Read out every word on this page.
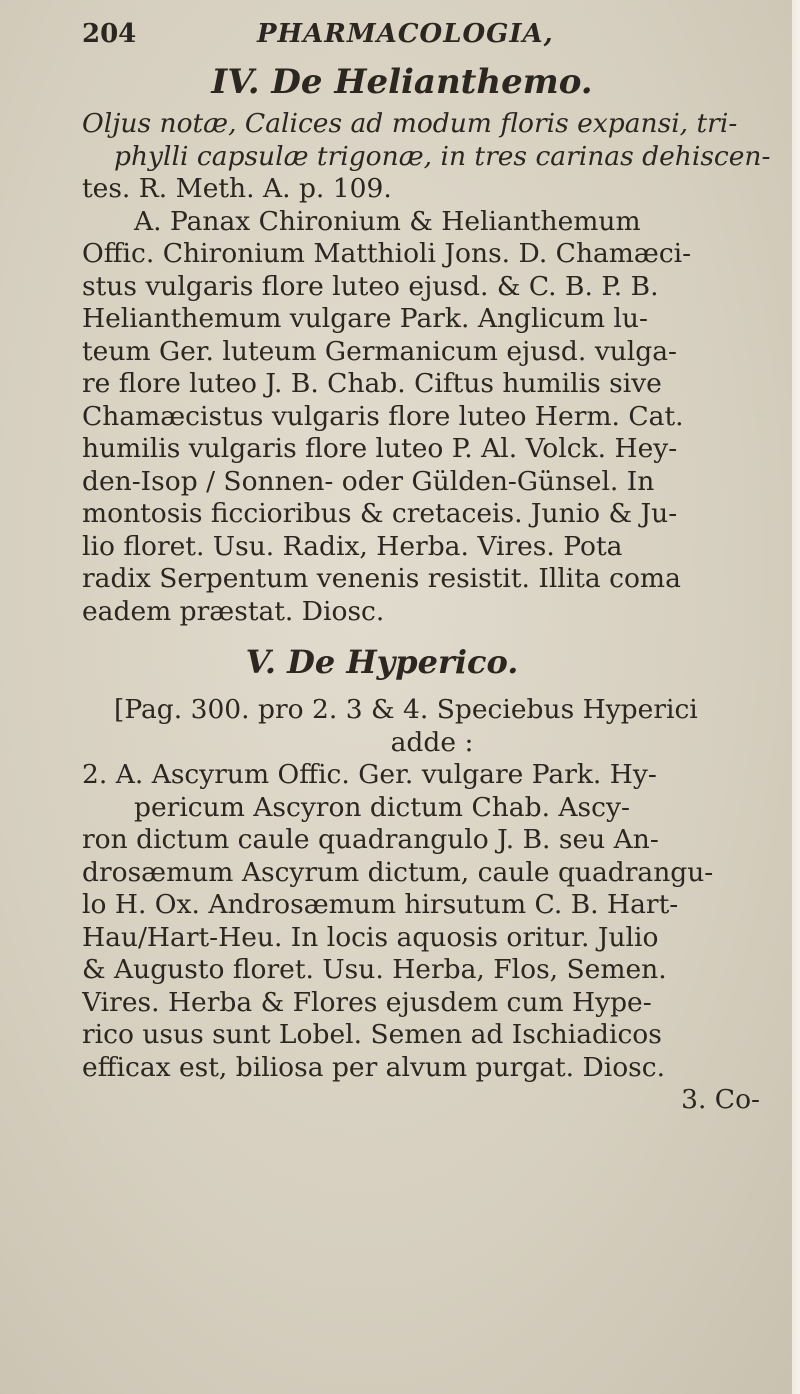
204	PHARMACOLOGIA,
IV. De Helianthemo.
Oljus notæ, Calices ad modum floris expansi, tri-
phylli capsulæ trigonæ, in tres carinas dehiscen-
tes. R. Meth. A. p. 109.
A. Panax Chironium & Helianthemum
Offic. Chironium Matthioli Jons. D. Chamæci-
stus vulgaris flore luteo ejusd. & C. B. P. B.
Helianthemum vulgare Park. Anglicum lu-
teum Ger. luteum Germanicum ejusd. vulga-
re flore luteo J. B. Chab. Ciftus humilis sive
Chamæcistus vulgaris flore luteo Herm. Cat.
humilis vulgaris flore luteo P. Al. Volck. Hey-
den-Isop / Sonnen- oder Gülden-Günsel. In
montosis ficcioribus & cretaceis. Junio & Ju-
lio floret. Usu. Radix, Herba. Vires. Pota
radix Serpentum venenis resistit. Illita coma
eadem præstat. Diosc.
V. De Hyperico.
[Pag. 300. pro 2. 3 & 4. Speciebus Hyperici
adde :
2. A. Ascyrum Offic. Ger. vulgare Park. Hy-
pericum Ascyron dictum Chab. Ascy-
ron dictum caule quadrangulo J. B. seu An-
drosæmum Ascyrum dictum, caule quadrangu-
lo H. Ox. Androsæmum hirsutum C. B. Hart-
Hau/Hart-Heu. In locis aquosis oritur. Julio
& Augusto floret. Usu. Herba, Flos, Semen.
Vires. Herba & Flores ejusdem cum Hype-
rico usus sunt Lobel. Semen ad Ischiadicos
efficax est, biliosa per alvum purgat. Diosc.
3. Co-
